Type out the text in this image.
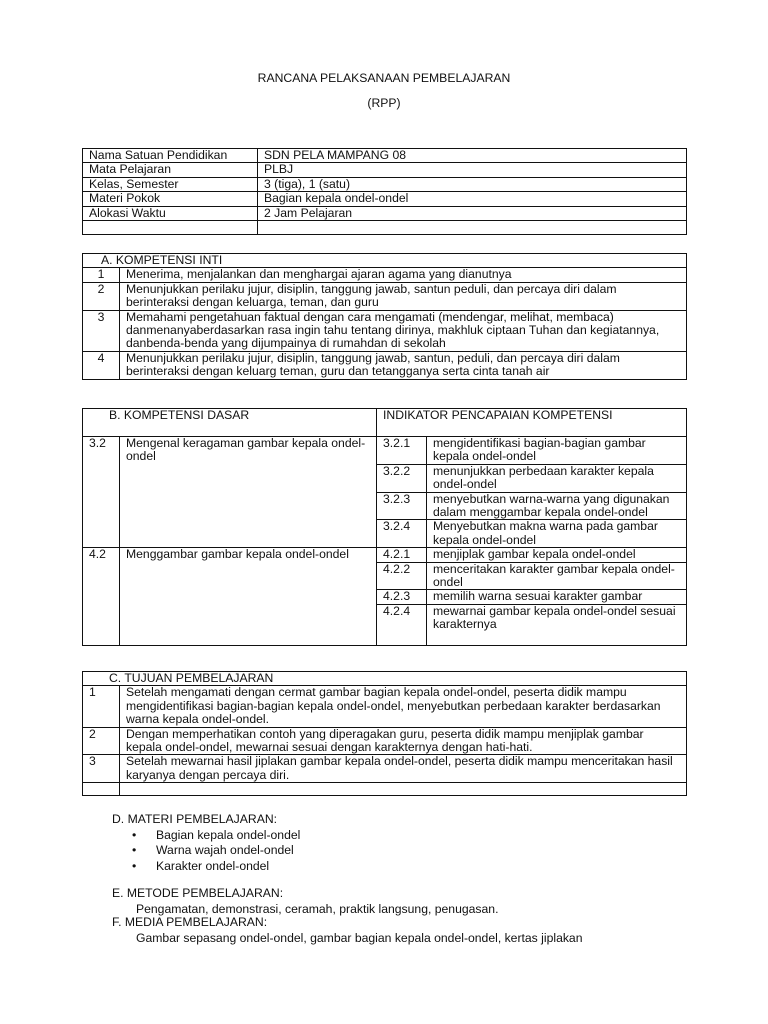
RANCANA PELAKSANAAN PEMBELAJARAN
(RPP)
Nama Satuan Pendidikan	SDN PELA MAMPANG 08
Mata Pelajaran	PLBJ
Kelas, Semester	3 (tiga), 1 (satu)
Materi Pokok	Bagian kepala ondel-ondel
Alokasi Waktu	2 Jam Pelajaran

A. KOMPETENSI INTI	
1	Menerima, menjalankan dan menghargai ajaran agama yang dianutnya
2	Menunjukkan perilaku jujur, disiplin, tanggung jawab, santun peduli, dan percaya diri dalam berinteraksi dengan keluarga, teman, dan guru
3	Memahami pengetahuan faktual dengan cara mengamati (mendengar, melihat, membaca) danmenanyaberdasarkan rasa ingin tahu tentang dirinya, makhluk ciptaan Tuhan dan kegiatannya, danbenda-benda yang dijumpainya di rumahdan di sekolah
4	Menunjukkan perilaku jujur, disiplin, tanggung jawab, santun, peduli, dan percaya diri dalam berinteraksi dengan keluarg teman, guru dan tetangganya serta cinta tanah air
B. KOMPETENSI DASAR		INDIKATOR PENCAPAIAN KOMPETENSI	
3.2	Mengenal keragaman gambar kepala ondel-ondel	3.2.1	mengidentifikasi bagian-bagian gambar kepala ondel-ondel
		3.2.2	menunjukkan perbedaan karakter kepala ondel-ondel
		3.2.3	menyebutkan warna-warna yang digunakan dalam menggambar kepala ondel-ondel
		3.2.4	Menyebutkan makna warna pada gambar kepala ondel-ondel
4.2	Menggambar gambar kepala ondel-ondel	4.2.1	menjiplak gambar kepala ondel-ondel
		4.2.2	menceritakan karakter gambar kepala ondel-ondel
		4.2.3	memilih warna sesuai karakter gambar
		4.2.4	mewarnai gambar kepala ondel-ondel sesuai karakternya
C. TUJUAN PEMBELAJARAN	
1	Setelah mengamati dengan cermat gambar bagian kepala ondel-ondel, peserta didik mampu mengidentifikasi bagian-bagian kepala ondel-ondel, menyebutkan perbedaan karakter berdasarkan warna kepala ondel-ondel.
2	Dengan memperhatikan contoh yang diperagakan guru, peserta didik mampu menjiplak gambar kepala ondel-ondel, mewarnai sesuai dengan karakternya dengan hati-hati.
3	Setelah mewarnai hasil jiplakan gambar kepala ondel-ondel, peserta didik mampu menceritakan hasil karyanya dengan percaya diri.

D. MATERI PEMBELAJARAN:
•	Bagian kepala ondel-ondel
•	Warna wajah ondel-ondel
•	Karakter ondel-ondel
E. METODE PEMBELAJARAN:
Pengamatan, demonstrasi, ceramah, praktik langsung, penugasan.
F. MEDIA PEMBELAJARAN:
Gambar sepasang ondel-ondel, gambar bagian kepala ondel-ondel, kertas jiplakan
